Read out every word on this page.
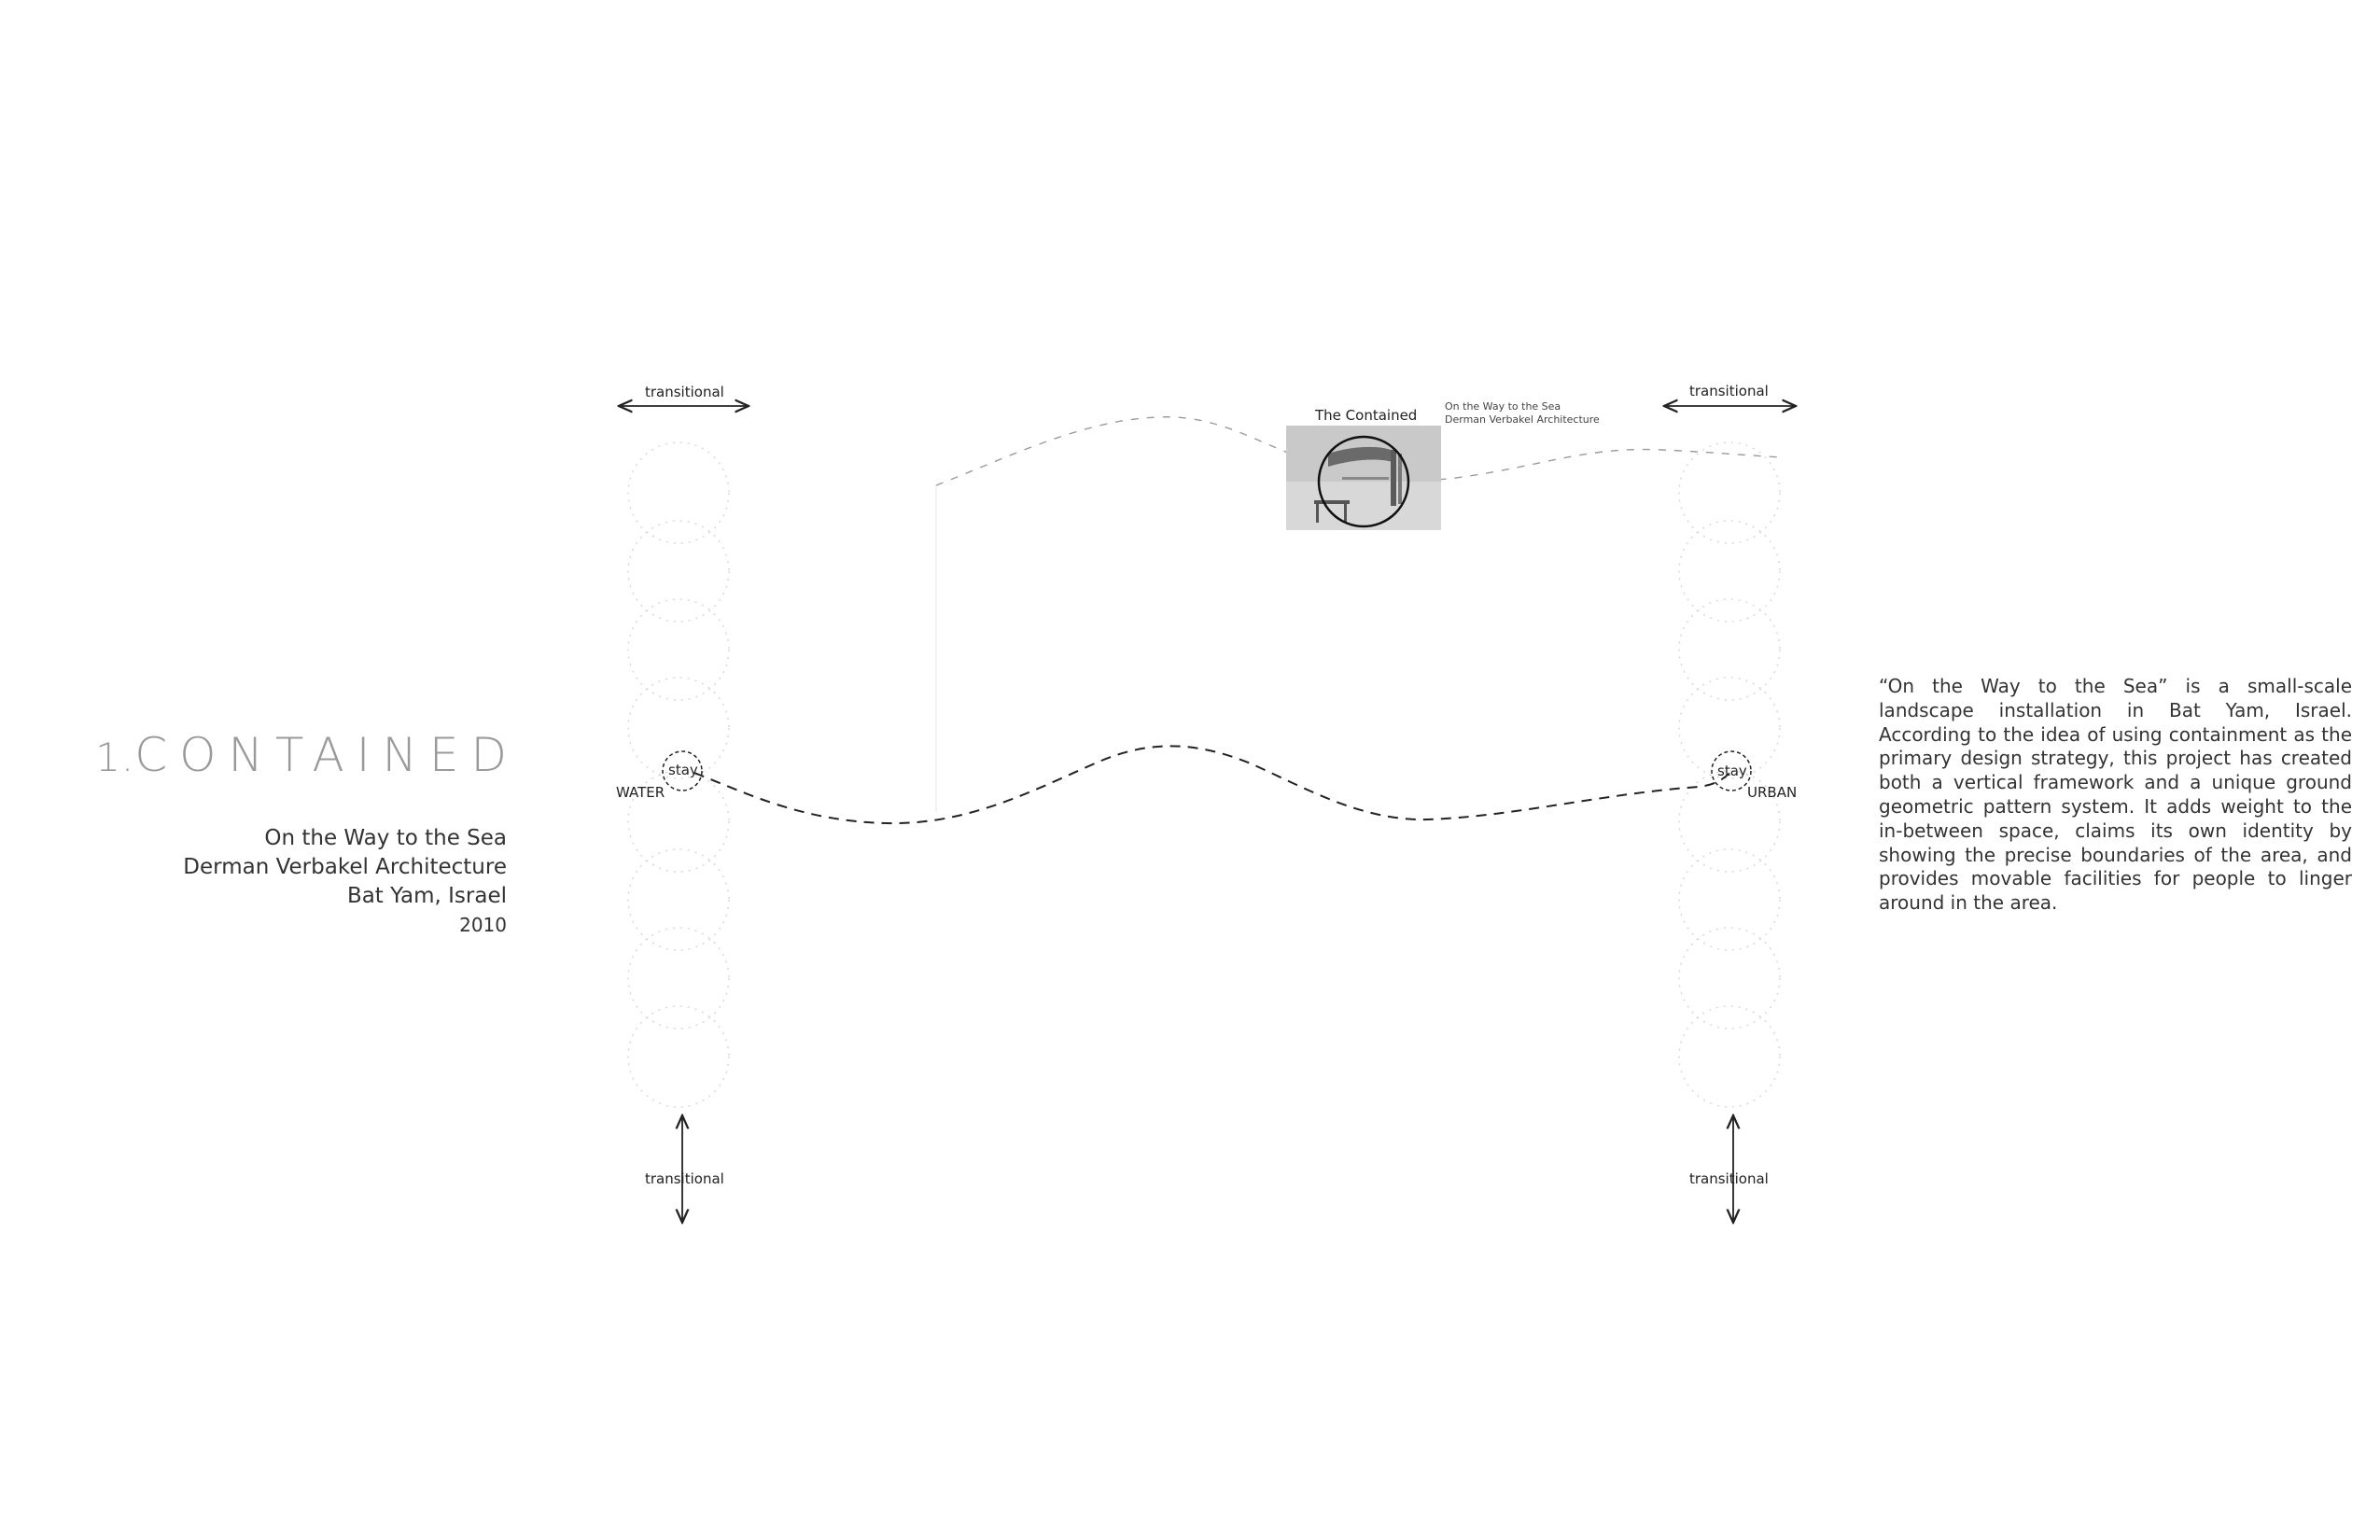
1.CONTAINED
On the Way to the Sea
Derman Verbakel Architecture
Bat Yam, Israel
2010
“On the Way to the Sea” is a small-scale landscape installation in Bat Yam, Israel. According to the idea of using containment as the primary design strategy, this project has created both a vertical framework and a unique ground geometric pattern system. It adds weight to the in-between space, claims its own identity by showing the precise boundaries of the area, and provides movable facilities for people to linger around in the area.
transitional	transitional
transitional	transitional
WATER	URBAN
stay	stay
The Contained
On the Way to the Sea
Derman Verbakel Architecture
